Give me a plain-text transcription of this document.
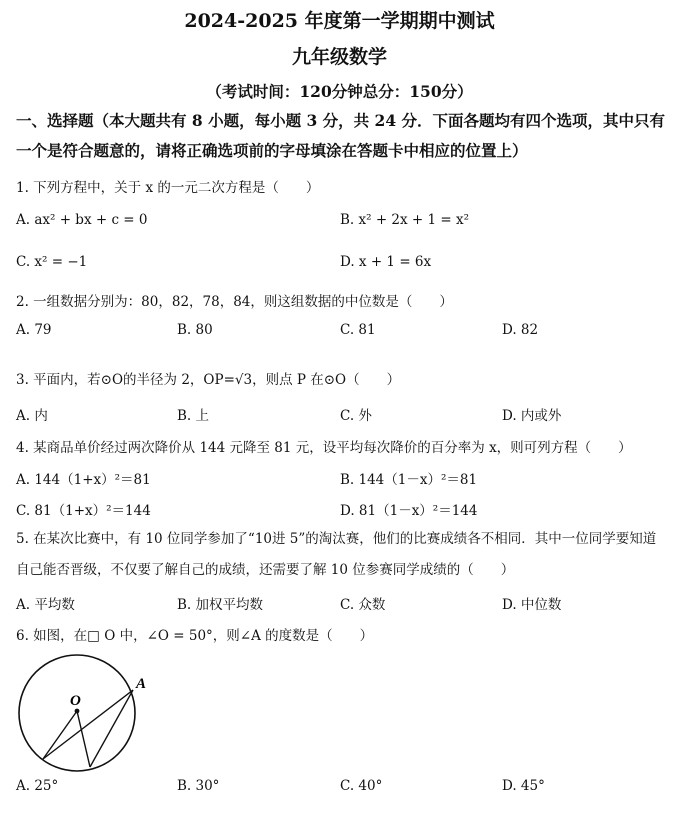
2024-2025 年度第一学期期中测试
九年级数学
（考试时间：120分钟总分：150分）
一、选择题（本大题共有 8 小题，每小题 3 分，共 24 分．下面各题均有四个选项，其中只有一个是符合题意的，请将正确选项前的字母填涂在答题卡中相应的位置上）
1. 下列方程中，关于 x 的一元二次方程是（　　）
A. ax² + bx + c = 0	B. x² + 2x + 1 = x²
C. x² = −1	D. x + 1 = 6x
2. 一组数据分别为：80，82，78，84，则这组数据的中位数是（　　）
A. 79	B. 80	C. 81	D. 82
3. 平面内，若⊙O的半径为 2，OP=√3，则点 P 在⊙O（　　）
A. 内	B. 上	C. 外	D. 内或外
4. 某商品单价经过两次降价从 144 元降至 81 元，设平均每次降价的百分率为 x，则可列方程（　　）
A. 144（1+x）²＝81	B. 144（1－x）²＝81
C. 81（1+x）²＝144	D. 81（1－x）²＝144
5. 在某次比赛中，有 10 位同学参加了“10进 5”的淘汰赛，他们的比赛成绩各不相同．其中一位同学要知道自己能否晋级，不仅要了解自己的成绩，还需要了解 10 位参赛同学成绩的（　　）
A. 平均数	B. 加权平均数	C. 众数	D. 中位数
6. 如图，在□ O 中，∠O = 50°，则∠A 的度数是（　　）
O
A
A. 25°	B. 30°	C. 40°	D. 45°
